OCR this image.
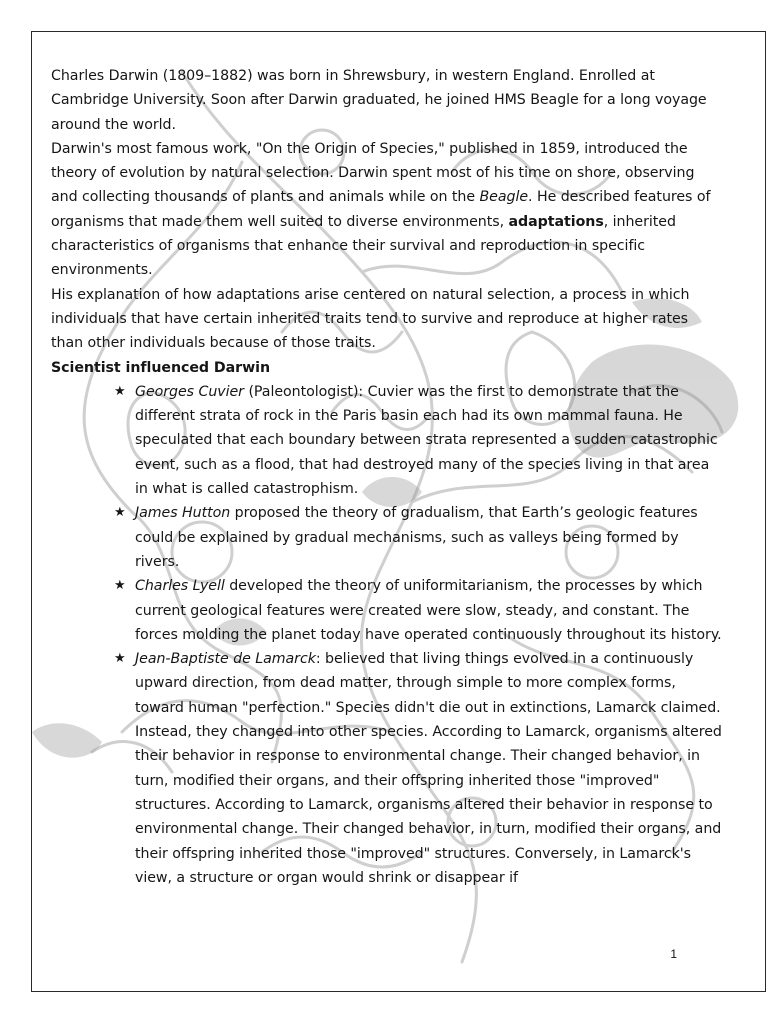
Charles Darwin (1809–1882) was born in Shrewsbury, in western England. Enrolled at Cambridge University. Soon after Darwin graduated, he joined HMS Beagle for a long voyage around the world.

Darwin's most famous work, "On the Origin of Species," published in 1859, introduced the theory of evolution by natural selection. Darwin spent most of his time on shore, observing and collecting thousands of plants and animals while on the Beagle. He described features of organisms that made them well suited to diverse environments, adaptations, inherited characteristics of organisms that enhance their survival and reproduction in specific environments.

His explanation of how adaptations arise centered on natural selection, a process in which individuals that have certain inherited traits tend to survive and reproduce at higher rates than other individuals because of those traits.

Scientist influenced Darwin

★ Georges Cuvier (Paleontologist): Cuvier was the first to demonstrate that the different strata of rock in the Paris basin each had its own mammal fauna. He speculated that each boundary between strata represented a sudden catastrophic event, such as a flood, that had destroyed many of the species living in that area in what is called catastrophism.
★ James Hutton proposed the theory of gradualism, that Earth’s geologic features could be explained by gradual mechanisms, such as valleys being formed by rivers.
★ Charles Lyell developed the theory of uniformitarianism, the processes by which current geological features were created were slow, steady, and constant. The forces molding the planet today have operated continuously throughout its history.
★ Jean-Baptiste de Lamarck: believed that living things evolved in a continuously upward direction, from dead matter, through simple to more complex forms, toward human "perfection." Species didn't die out in extinctions, Lamarck claimed. Instead, they changed into other species. According to Lamarck, organisms altered their behavior in response to environmental change. Their changed behavior, in turn, modified their organs, and their offspring inherited those "improved" structures. According to Lamarck, organisms altered their behavior in response to environmental change. Their changed behavior, in turn, modified their organs, and their offspring inherited those "improved" structures. Conversely, in Lamarck's view, a structure or organ would shrink or disappear if
1
